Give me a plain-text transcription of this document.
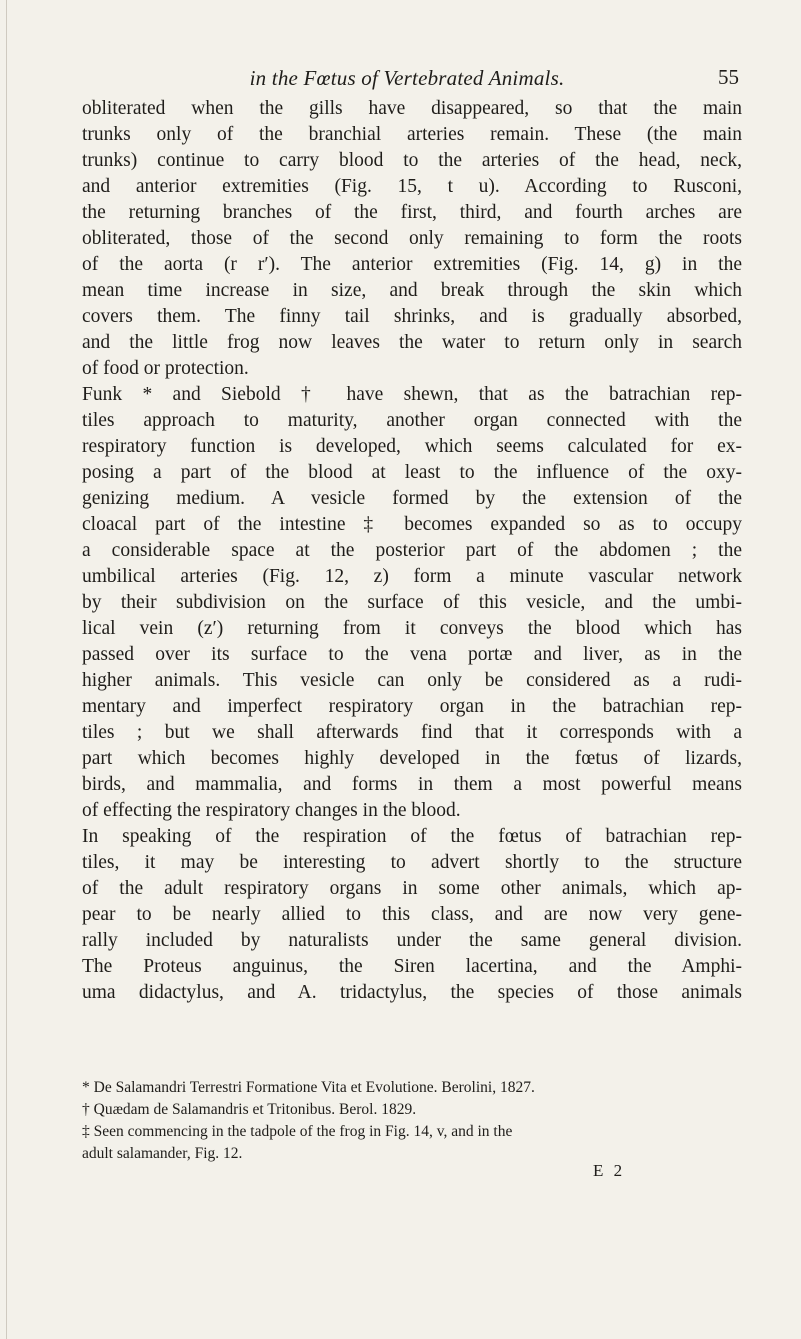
in the Fœtus of Vertebrated Animals.	55
obliterated when the gills have disappeared, so that the main
trunks only of the branchial arteries remain. These (the main
trunks) continue to carry blood to the arteries of the head, neck,
and anterior extremities (Fig. 15, t u). According to Rusconi,
the returning branches of the first, third, and fourth arches are
obliterated, those of the second only remaining to form the roots
of the aorta (r r′). The anterior extremities (Fig. 14, g) in the
mean time increase in size, and break through the skin which
covers them. The finny tail shrinks, and is gradually absorbed,
and the little frog now leaves the water to return only in search
of food or protection.
Funk * and Siebold † have shewn, that as the batrachian rep-
tiles approach to maturity, another organ connected with the
respiratory function is developed, which seems calculated for ex-
posing a part of the blood at least to the influence of the oxy-
genizing medium. A vesicle formed by the extension of the
cloacal part of the intestine ‡ becomes expanded so as to occupy
a considerable space at the posterior part of the abdomen ; the
umbilical arteries (Fig. 12, z) form a minute vascular network
by their subdivision on the surface of this vesicle, and the umbi-
lical vein (z′) returning from it conveys the blood which has
passed over its surface to the vena portæ and liver, as in the
higher animals. This vesicle can only be considered as a rudi-
mentary and imperfect respiratory organ in the batrachian rep-
tiles ; but we shall afterwards find that it corresponds with a
part which becomes highly developed in the fœtus of lizards,
birds, and mammalia, and forms in them a most powerful means
of effecting the respiratory changes in the blood.
In speaking of the respiration of the fœtus of batrachian rep-
tiles, it may be interesting to advert shortly to the structure
of the adult respiratory organs in some other animals, which ap-
pear to be nearly allied to this class, and are now very gene-
rally included by naturalists under the same general division.
The Proteus anguinus, the Siren lacertina, and the Amphi-
uma didactylus, and A. tridactylus, the species of those animals
* De Salamandri Terrestri Formatione Vita et Evolutione. Berolini, 1827.
† Quædam de Salamandris et Tritonibus. Berol. 1829.
‡ Seen commencing in the tadpole of the frog in Fig. 14, v, and in the
adult salamander, Fig. 12.
E 2
